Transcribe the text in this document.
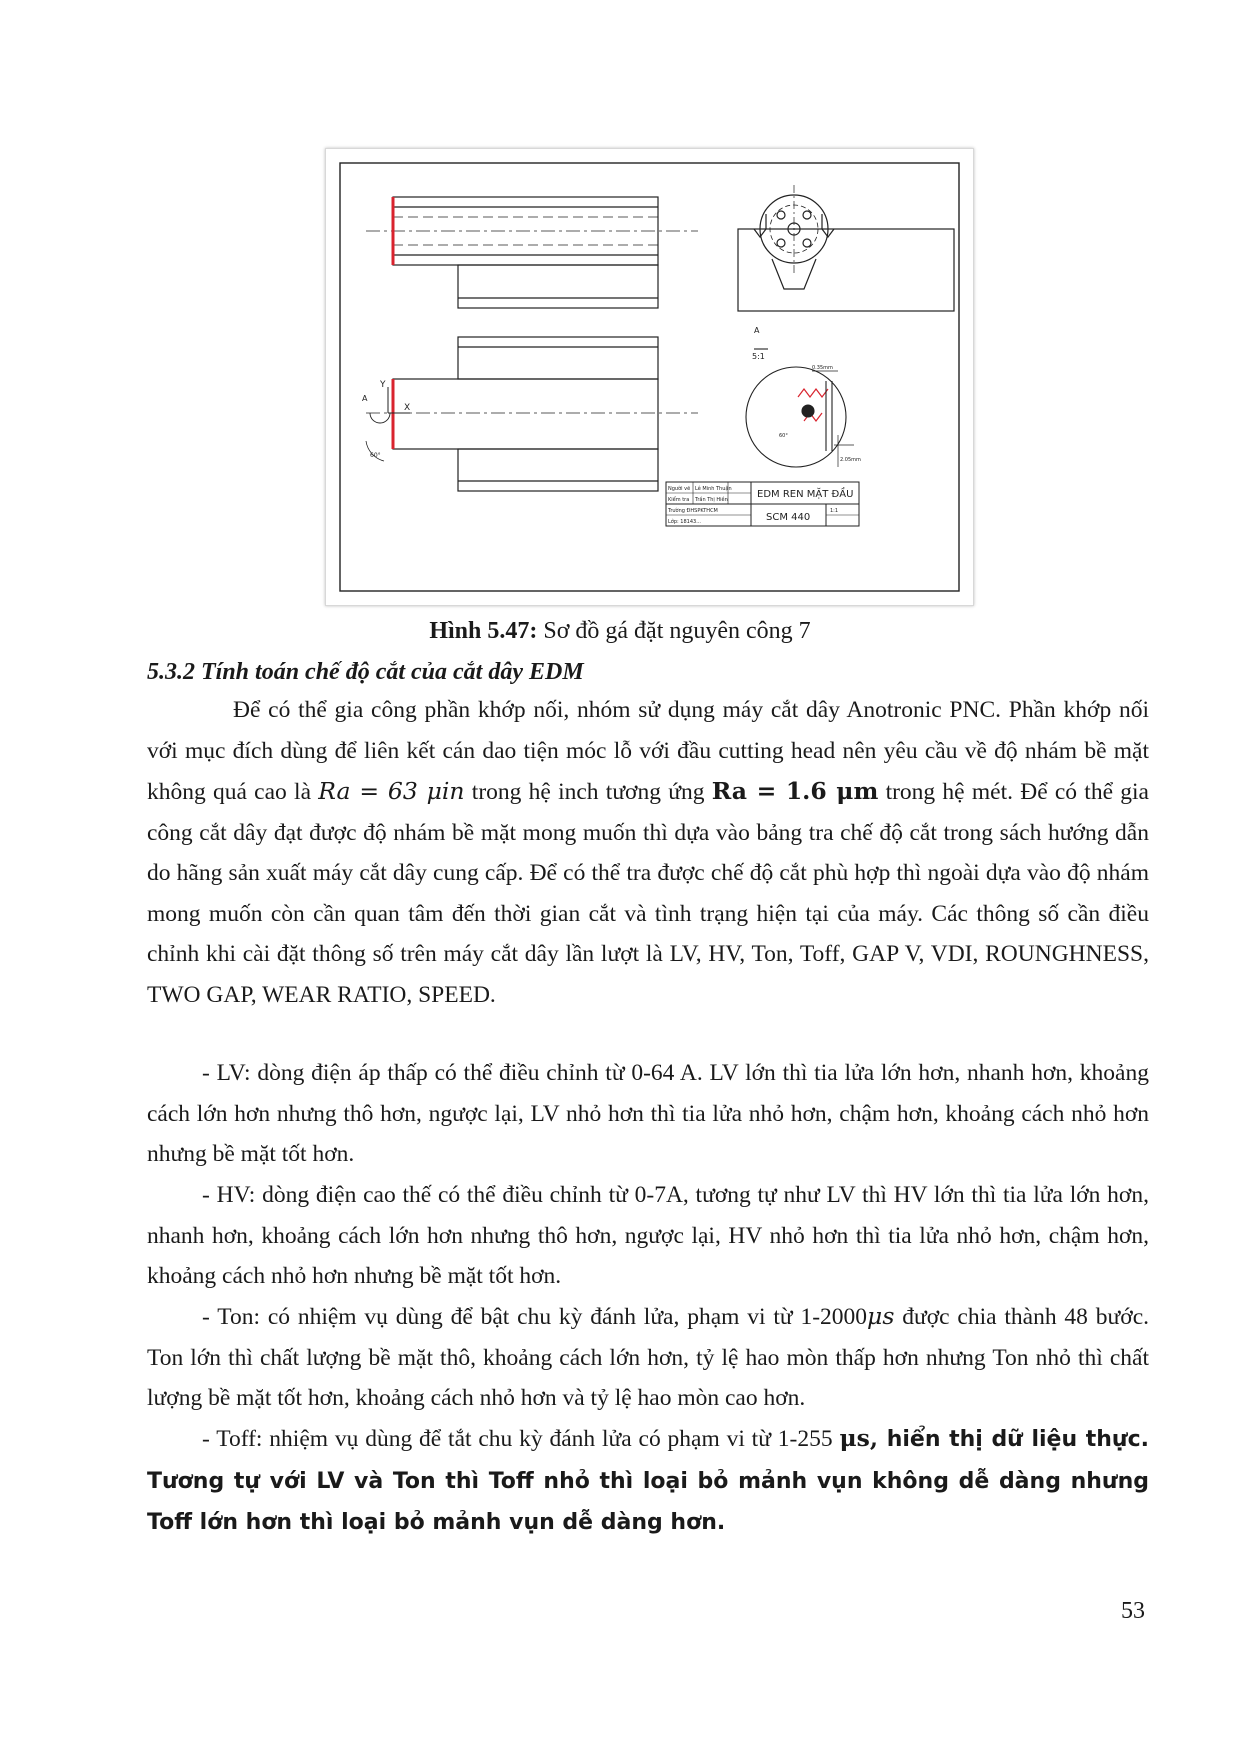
A
5:1
0.35mm
60°
2.05mm
Y
X
A
60°
Người vẽ
Kiểm tra
Trường ĐHSPKTHCM
Lớp: 18143...
Lê Minh Thuận
Trần Thị Hiền	EDM REN MẶT ĐẦU
SCM 440
1:1
Hình 5.47: Sơ đồ gá đặt nguyên công 7
5.3.2 Tính toán chế độ cắt của cắt dây EDM

Để có thể gia công phần khớp nối, nhóm sử dụng máy cắt dây Anotronic PNC. Phần khớp nối với mục đích dùng để liên kết cán dao tiện móc lỗ với đầu cutting head nên yêu cầu về độ nhám bề mặt không quá cao là Ra = 63 μin trong hệ inch tương ứng Ra = 1.6 μm trong hệ mét. Để có thể gia công cắt dây đạt được độ nhám bề mặt mong muốn thì dựa vào bảng tra chế độ cắt trong sách hướng dẫn do hãng sản xuất máy cắt dây cung cấp. Để có thể tra được chế độ cắt phù hợp thì ngoài dựa vào độ nhám mong muốn còn cần quan tâm đến thời gian cắt và tình trạng hiện tại của máy. Các thông số cần điều chỉnh khi cài đặt thông số trên máy cắt dây lần lượt là LV, HV, Ton, Toff, GAP V, VDI, ROUNGHNESS, TWO GAP, WEAR RATIO, SPEED.

- LV: dòng điện áp thấp có thể điều chỉnh từ 0-64 A. LV lớn thì tia lửa lớn hơn, nhanh hơn, khoảng cách lớn hơn nhưng thô hơn, ngược lại, LV nhỏ hơn thì tia lửa nhỏ hơn, chậm hơn, khoảng cách nhỏ hơn nhưng bề mặt tốt hơn.

- HV: dòng điện cao thế có thể điều chỉnh từ 0-7A, tương tự như LV thì HV lớn thì tia lửa lớn hơn, nhanh hơn, khoảng cách lớn hơn nhưng thô hơn, ngược lại, HV nhỏ hơn thì tia lửa nhỏ hơn, chậm hơn, khoảng cách nhỏ hơn nhưng bề mặt tốt hơn.

- Ton: có nhiệm vụ dùng để bật chu kỳ đánh lửa, phạm vi từ 1-2000μs được chia thành 48 bước. Ton lớn thì chất lượng bề mặt thô, khoảng cách lớn hơn, tỷ lệ hao mòn thấp hơn nhưng Ton nhỏ thì chất lượng bề mặt tốt hơn, khoảng cách nhỏ hơn và tỷ lệ hao mòn cao hơn.

- Toff: nhiệm vụ dùng để tắt chu kỳ đánh lửa có phạm vi từ 1-255 μs, hiển thị dữ liệu thực. Tương tự với LV và Ton thì Toff nhỏ thì loại bỏ mảnh vụn không dễ dàng nhưng Toff lớn hơn thì loại bỏ mảnh vụn dễ dàng hơn.

53
